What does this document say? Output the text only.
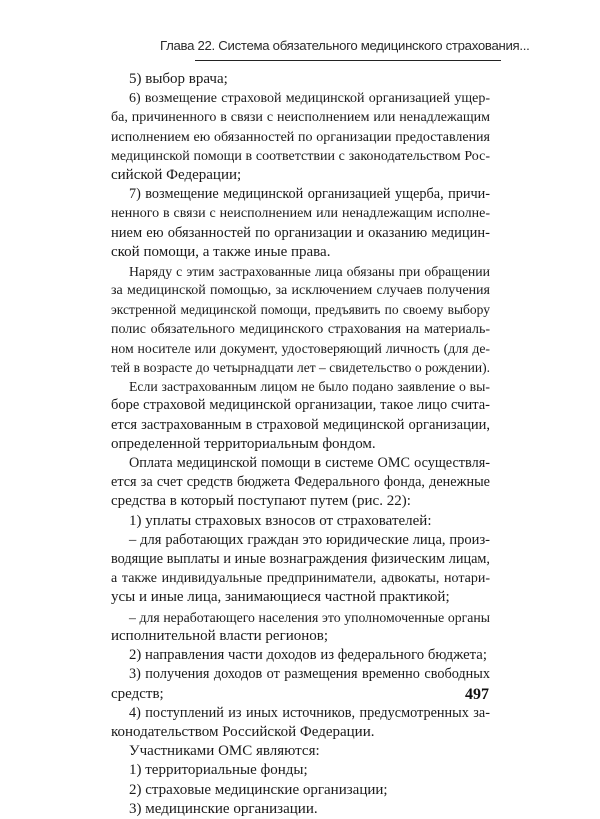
Глава 22. Система обязательного медицинского страхования...
5) выбор врача;
6) возмещение страховой медицинской организацией ущер-
ба, причиненного в связи с неисполнением или ненадлежащим
исполнением ею обязанностей по организации предоставления
медицинской помощи в соответствии с законодательством Рос-
сийской Федерации;
7) возмещение медицинской организацией ущерба, причи-
ненного в связи с неисполнением или ненадлежащим исполне-
нием ею обязанностей по организации и оказанию медицин-
ской помощи, а также иные права.
Наряду с этим застрахованные лица обязаны при обращении
за медицинской помощью, за исключением случаев получения
экстренной медицинской помощи, предъявить по своему выбору
полис обязательного медицинского страхования на материаль-
ном носителе или документ, удостоверяющий личность (для де-
тей в возрасте до четырнадцати лет – свидетельство о рождении).
Если застрахованным лицом не было подано заявление о вы-
боре страховой медицинской организации, такое лицо счита-
ется застрахованным в страховой медицинской организации,
определенной территориальным фондом.
Оплата медицинской помощи в системе ОМС осуществля-
ется за счет средств бюджета Федерального фонда, денежные
средства в который поступают путем (рис. 22):
1) уплаты страховых взносов от страхователей:
– для работающих граждан это юридические лица, произ-
водящие выплаты и иные вознаграждения физическим лицам,
а также индивидуальные предприниматели, адвокаты, нотари-
усы и иные лица, занимающиеся частной практикой;
– для неработающего населения это уполномоченные органы
исполнительной власти регионов;
2) направления части доходов из федерального бюджета;
3) получения доходов от размещения временно свободных
средств;
4) поступлений из иных источников, предусмотренных за-
конодательством Российской Федерации.
Участниками ОМС являются:
1) территориальные фонды;
2) страховые медицинские организации;
3) медицинские организации.
497
